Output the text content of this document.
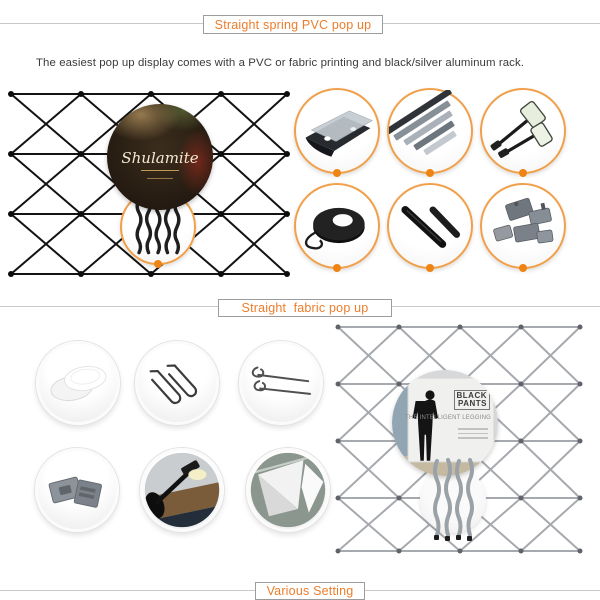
Straight spring PVC pop up
The easiest pop up display comes with a PVC or fabric printing and black/silver aluminum rack.
Shulamite
Straight  fabric pop up
BLACK
PANTS
THE INTELLIGENT LEGGING
Various Setting
